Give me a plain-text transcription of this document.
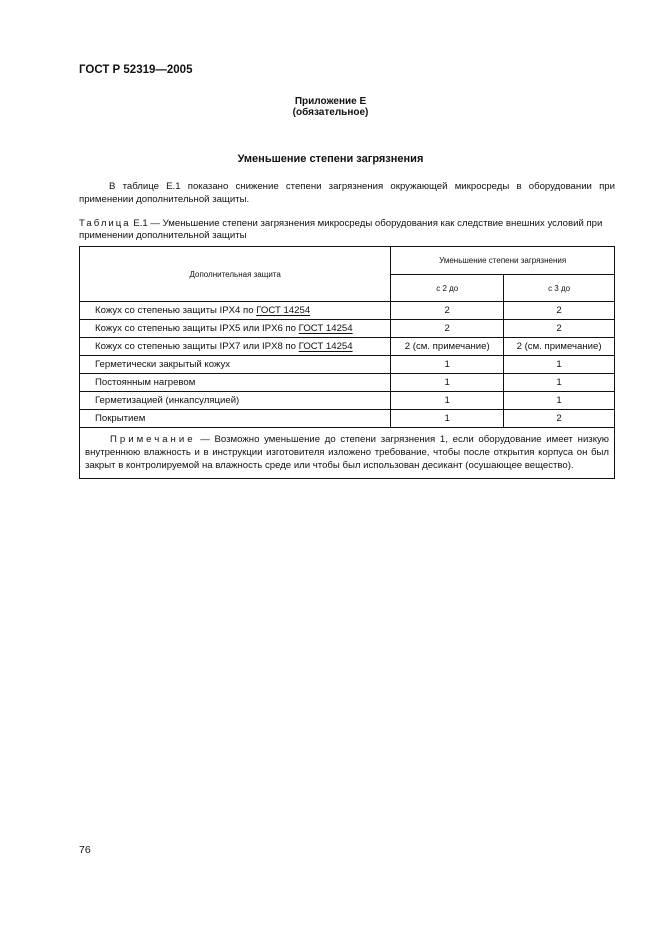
ГОСТ Р 52319—2005
Приложение Е
(обязательное)
Уменьшение степени загрязнения
В таблице Е.1 показано снижение степени загрязнения окружающей микросреды в оборудовании при применении дополнительной защиты.
Таблица Е.1 — Уменьшение степени загрязнения микросреды оборудования как следствие внешних условий при применении дополнительной защиты
Дополнительная защита	Уменьшение степени загрязнения	
	с 2 до	с 3 до
Кожух со степенью защиты IPX4 по ГОСТ 14254	2	2
Кожух со степенью защиты IPX5 или IPX6 по ГОСТ 14254	2	2
Кожух со степенью защиты IPX7 или IPX8 по ГОСТ 14254	2 (см. примечание)	2 (см. примечание)
Герметически закрытый кожух	1	1
Постоянным нагревом	1	1
Герметизацией (инкапсуляцией)	1	1
Покрытием	1	2
Примечание — Возможно уменьшение до степени загрязнения 1, если оборудование имеет низкую внутреннюю влажность и в инструкции изготовителя изложено требование, чтобы после открытия корпуса он был закрыт в контролируемой на влажность среде или чтобы был использован десикант (осушающее вещество).		
76
